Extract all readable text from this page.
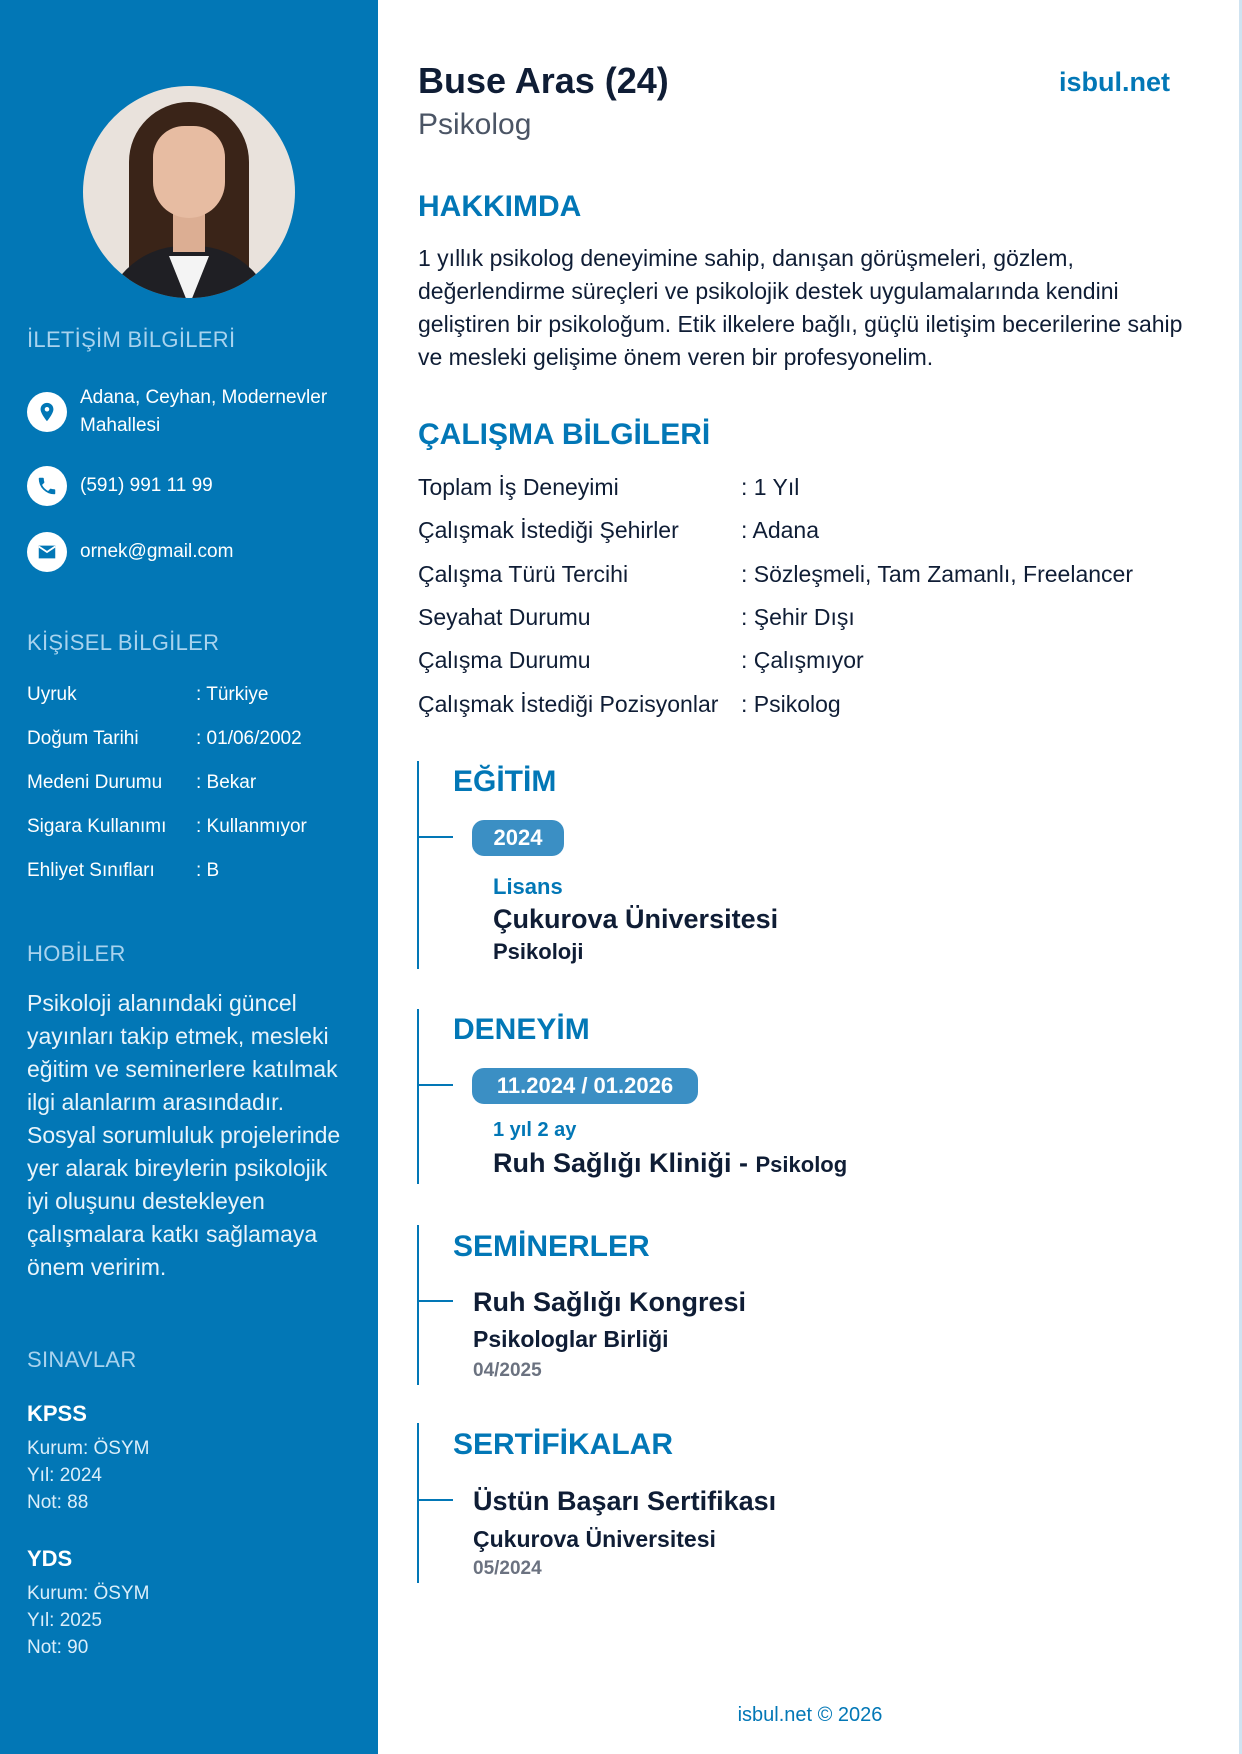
İLETİŞİM BİLGİLERİ
Adana, Ceyhan, Modernevler Mahallesi
(591) 991 11 99
ornek@gmail.com
KİŞİSEL BİLGİLER
Uyruk	: Türkiye
Doğum Tarihi	: 01/06/2002
Medeni Durumu	: Bekar
Sigara Kullanımı	: Kullanmıyor
Ehliyet Sınıfları	: B
HOBİLER
Psikoloji alanındaki güncel yayınları takip etmek, mesleki eğitim ve seminerlere katılmak ilgi alanlarım arasındadır. Sosyal sorumluluk projelerinde yer alarak bireylerin psikolojik iyi oluşunu destekleyen çalışmalara katkı sağlamaya önem veririm.
SINAVLAR
KPSS
Kurum: ÖSYM
Yıl: 2024
Not: 88
YDS
Kurum: ÖSYM
Yıl: 2025
Not: 90
Buse Aras (24)
Psikolog
isbul.net
HAKKIMDA
1 yıllık psikolog deneyimine sahip, danışan görüşmeleri, gözlem, değerlendirme süreçleri ve psikolojik destek uygulamalarında kendini geliştiren bir psikoloğum. Etik ilkelere bağlı, güçlü iletişim becerilerine sahip ve mesleki gelişime önem veren bir profesyonelim.
ÇALIŞMA BİLGİLERİ
Toplam İş Deneyimi	: 1 Yıl
Çalışmak İstediği Şehirler	: Adana
Çalışma Türü Tercihi	: Sözleşmeli, Tam Zamanlı, Freelancer
Seyahat Durumu	: Şehir Dışı
Çalışma Durumu	: Çalışmıyor
Çalışmak İstediği Pozisyonlar : Psikolog
EĞİTİM
2024
Lisans
Çukurova Üniversitesi
Psikoloji
DENEYİM
11.2024 / 01.2026
1 yıl 2 ay
Ruh Sağlığı Kliniği - Psikolog
SEMİNERLER
Ruh Sağlığı Kongresi
Psikologlar Birliği
04/2025
SERTİFİKALAR
Üstün Başarı Sertifikası
Çukurova Üniversitesi
05/2024
isbul.net © 2026
